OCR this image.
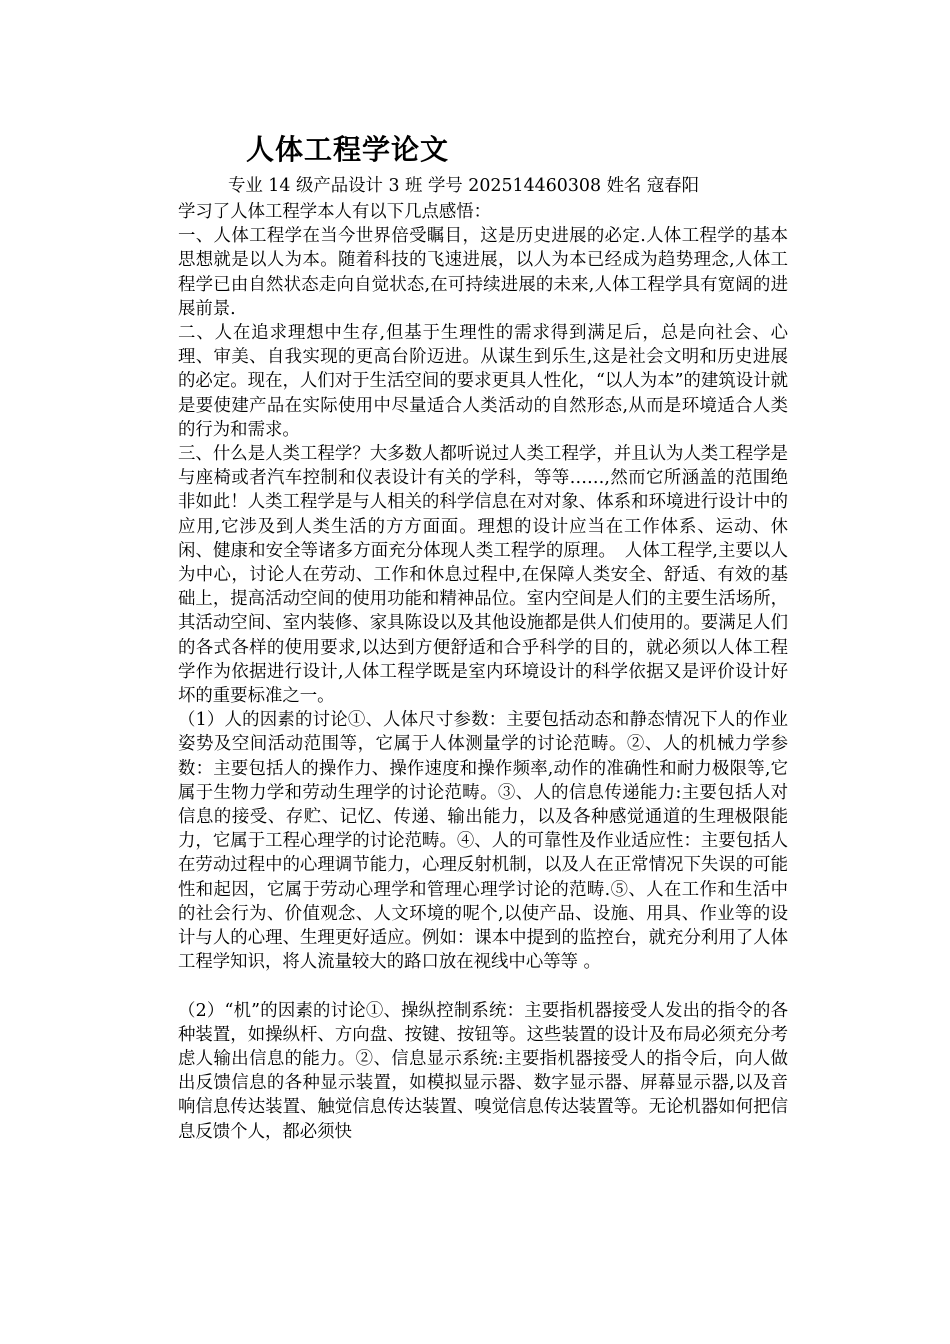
人体工程学论文

专业 14 级产品设计 3 班 学号 202514460308 姓名 寇春阳

学习了人体工程学本人有以下几点感悟：

一、人体工程学在当今世界倍受瞩目，这是历史进展的必定.人体工程学的基本思想就是以人为本。随着科技的飞速进展，以人为本已经成为趋势理念,人体工程学已由自然状态走向自觉状态,在可持续进展的未来,人体工程学具有宽阔的进展前景.

二、人在追求理想中生存,但基于生理性的需求得到满足后，总是向社会、心理、审美、自我实现的更高台阶迈进。从谋生到乐生,这是社会文明和历史进展的必定。现在，人们对于生活空间的要求更具人性化，“以人为本”的建筑设计就是要使建产品在实际使用中尽量适合人类活动的自然形态,从而是环境适合人类的行为和需求。

三、什么是人类工程学？大多数人都听说过人类工程学，并且认为人类工程学是与座椅或者汽车控制和仪表设计有关的学科，等等……,然而它所涵盖的范围绝非如此！人类工程学是与人相关的科学信息在对对象、体系和环境进行设计中的应用,它涉及到人类生活的方方面面。理想的设计应当在工作体系、运动、休闲、健康和安全等诸多方面充分体现人类工程学的原理。　人体工程学,主要以人为中心，讨论人在劳动、工作和休息过程中,在保障人类安全、舒适、有效的基础上，提高活动空间的使用功能和精神品位。室内空间是人们的主要生活场所，其活动空间、室内装修、家具陈设以及其他设施都是供人们使用的。要满足人们的各式各样的使用要求,以达到方便舒适和合乎科学的目的，就必须以人体工程学作为依据进行设计,人体工程学既是室内环境设计的科学依据又是评价设计好坏的重要标准之一。

（1）人的因素的讨论①、人体尺寸参数：主要包括动态和静态情况下人的作业姿势及空间活动范围等，它属于人体测量学的讨论范畴。②、人的机械力学参数：主要包括人的操作力、操作速度和操作频率,动作的准确性和耐力极限等,它属于生物力学和劳动生理学的讨论范畴。③、人的信息传递能力:主要包括人对信息的接受、存贮、记忆、传递、输出能力，以及各种感觉通道的生理极限能力，它属于工程心理学的讨论范畴。④、人的可靠性及作业适应性：主要包括人在劳动过程中的心理调节能力，心理反射机制，以及人在正常情况下失误的可能性和起因，它属于劳动心理学和管理心理学讨论的范畴.⑤、人在工作和生活中的社会行为、价值观念、人文环境的呢个,以使产品、设施、用具、作业等的设计与人的心理、生理更好适应。例如：课本中提到的监控台，就充分利用了人体工程学知识，将人流量较大的路口放在视线中心等等 。

（2）“机”的因素的讨论①、操纵控制系统：主要指机器接受人发出的指令的各种装置，如操纵杆、方向盘、按键、按钮等。这些装置的设计及布局必须充分考虑人输出信息的能力。②、信息显示系统:主要指机器接受人的指令后，向人做出反馈信息的各种显示装置，如模拟显示器、数字显示器、屏幕显示器,以及音响信息传达装置、触觉信息传达装置、嗅觉信息传达装置等。无论机器如何把信息反馈个人，都必须快
